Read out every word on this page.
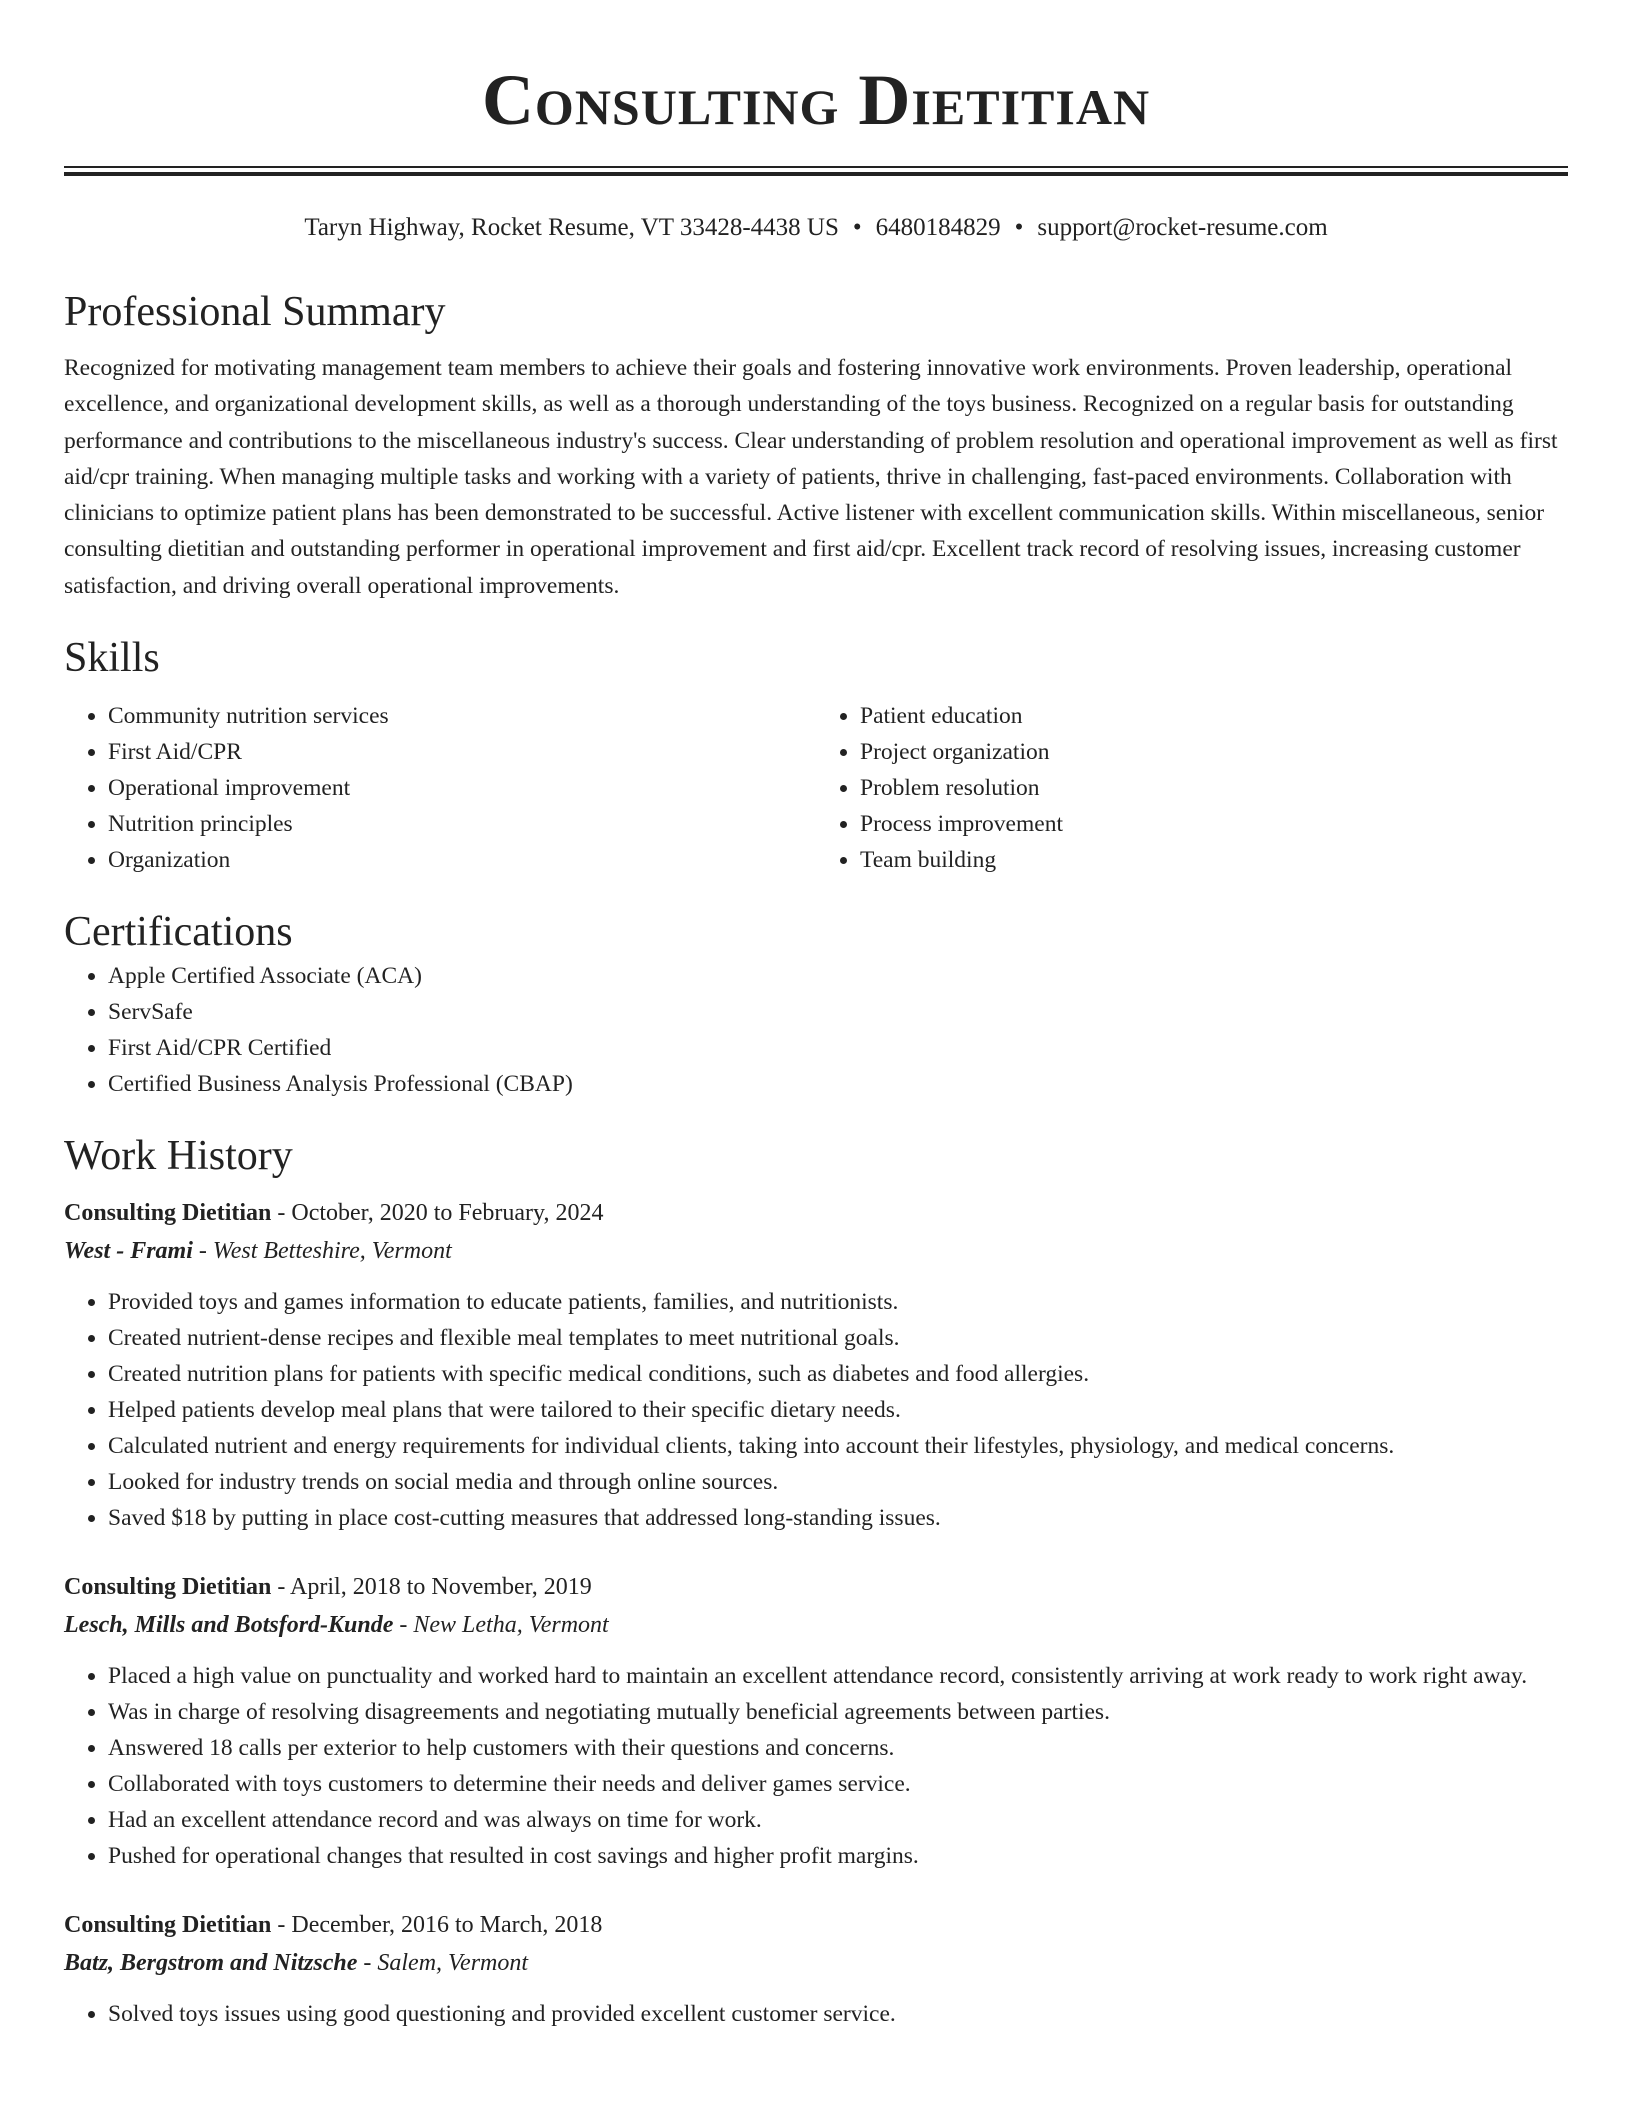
Consulting Dietitian
Taryn Highway, Rocket Resume, VT 33428-4438 US • 6480184829 • support@rocket-resume.com
Professional Summary

Recognized for motivating management team members to achieve their goals and fostering innovative work environments. Proven leadership, operational excellence, and organizational development skills, as well as a thorough understanding of the toys business. Recognized on a regular basis for outstanding performance and contributions to the miscellaneous industry's success. Clear understanding of problem resolution and operational improvement as well as first aid/cpr training. When managing multiple tasks and working with a variety of patients, thrive in challenging, fast-paced environments. Collaboration with clinicians to optimize patient plans has been demonstrated to be successful. Active listener with excellent communication skills. Within miscellaneous, senior consulting dietitian and outstanding performer in operational improvement and first aid/cpr. Excellent track record of resolving issues, increasing customer satisfaction, and driving overall operational improvements.

Skills
• Community nutrition services
• First Aid/CPR
• Operational improvement
• Nutrition principles
• Organization
• Patient education
• Project organization
• Problem resolution
• Process improvement
• Team building
Certifications
• Apple Certified Associate (ACA)
• ServSafe
• First Aid/CPR Certified
• Certified Business Analysis Professional (CBAP)
Work History
Consulting Dietitian - October, 2020 to February, 2024
West - Frami - West Betteshire, Vermont
• Provided toys and games information to educate patients, families, and nutritionists.
• Created nutrient-dense recipes and flexible meal templates to meet nutritional goals.
• Created nutrition plans for patients with specific medical conditions, such as diabetes and food allergies.
• Helped patients develop meal plans that were tailored to their specific dietary needs.
• Calculated nutrient and energy requirements for individual clients, taking into account their lifestyles, physiology, and medical concerns.
• Looked for industry trends on social media and through online sources.
• Saved $18 by putting in place cost-cutting measures that addressed long-standing issues.
Consulting Dietitian - April, 2018 to November, 2019
Lesch, Mills and Botsford-Kunde - New Letha, Vermont
• Placed a high value on punctuality and worked hard to maintain an excellent attendance record, consistently arriving at work ready to work right away.
• Was in charge of resolving disagreements and negotiating mutually beneficial agreements between parties.
• Answered 18 calls per exterior to help customers with their questions and concerns.
• Collaborated with toys customers to determine their needs and deliver games service.
• Had an excellent attendance record and was always on time for work.
• Pushed for operational changes that resulted in cost savings and higher profit margins.
Consulting Dietitian - December, 2016 to March, 2018
Batz, Bergstrom and Nitzsche - Salem, Vermont
• Solved toys issues using good questioning and provided excellent customer service.
